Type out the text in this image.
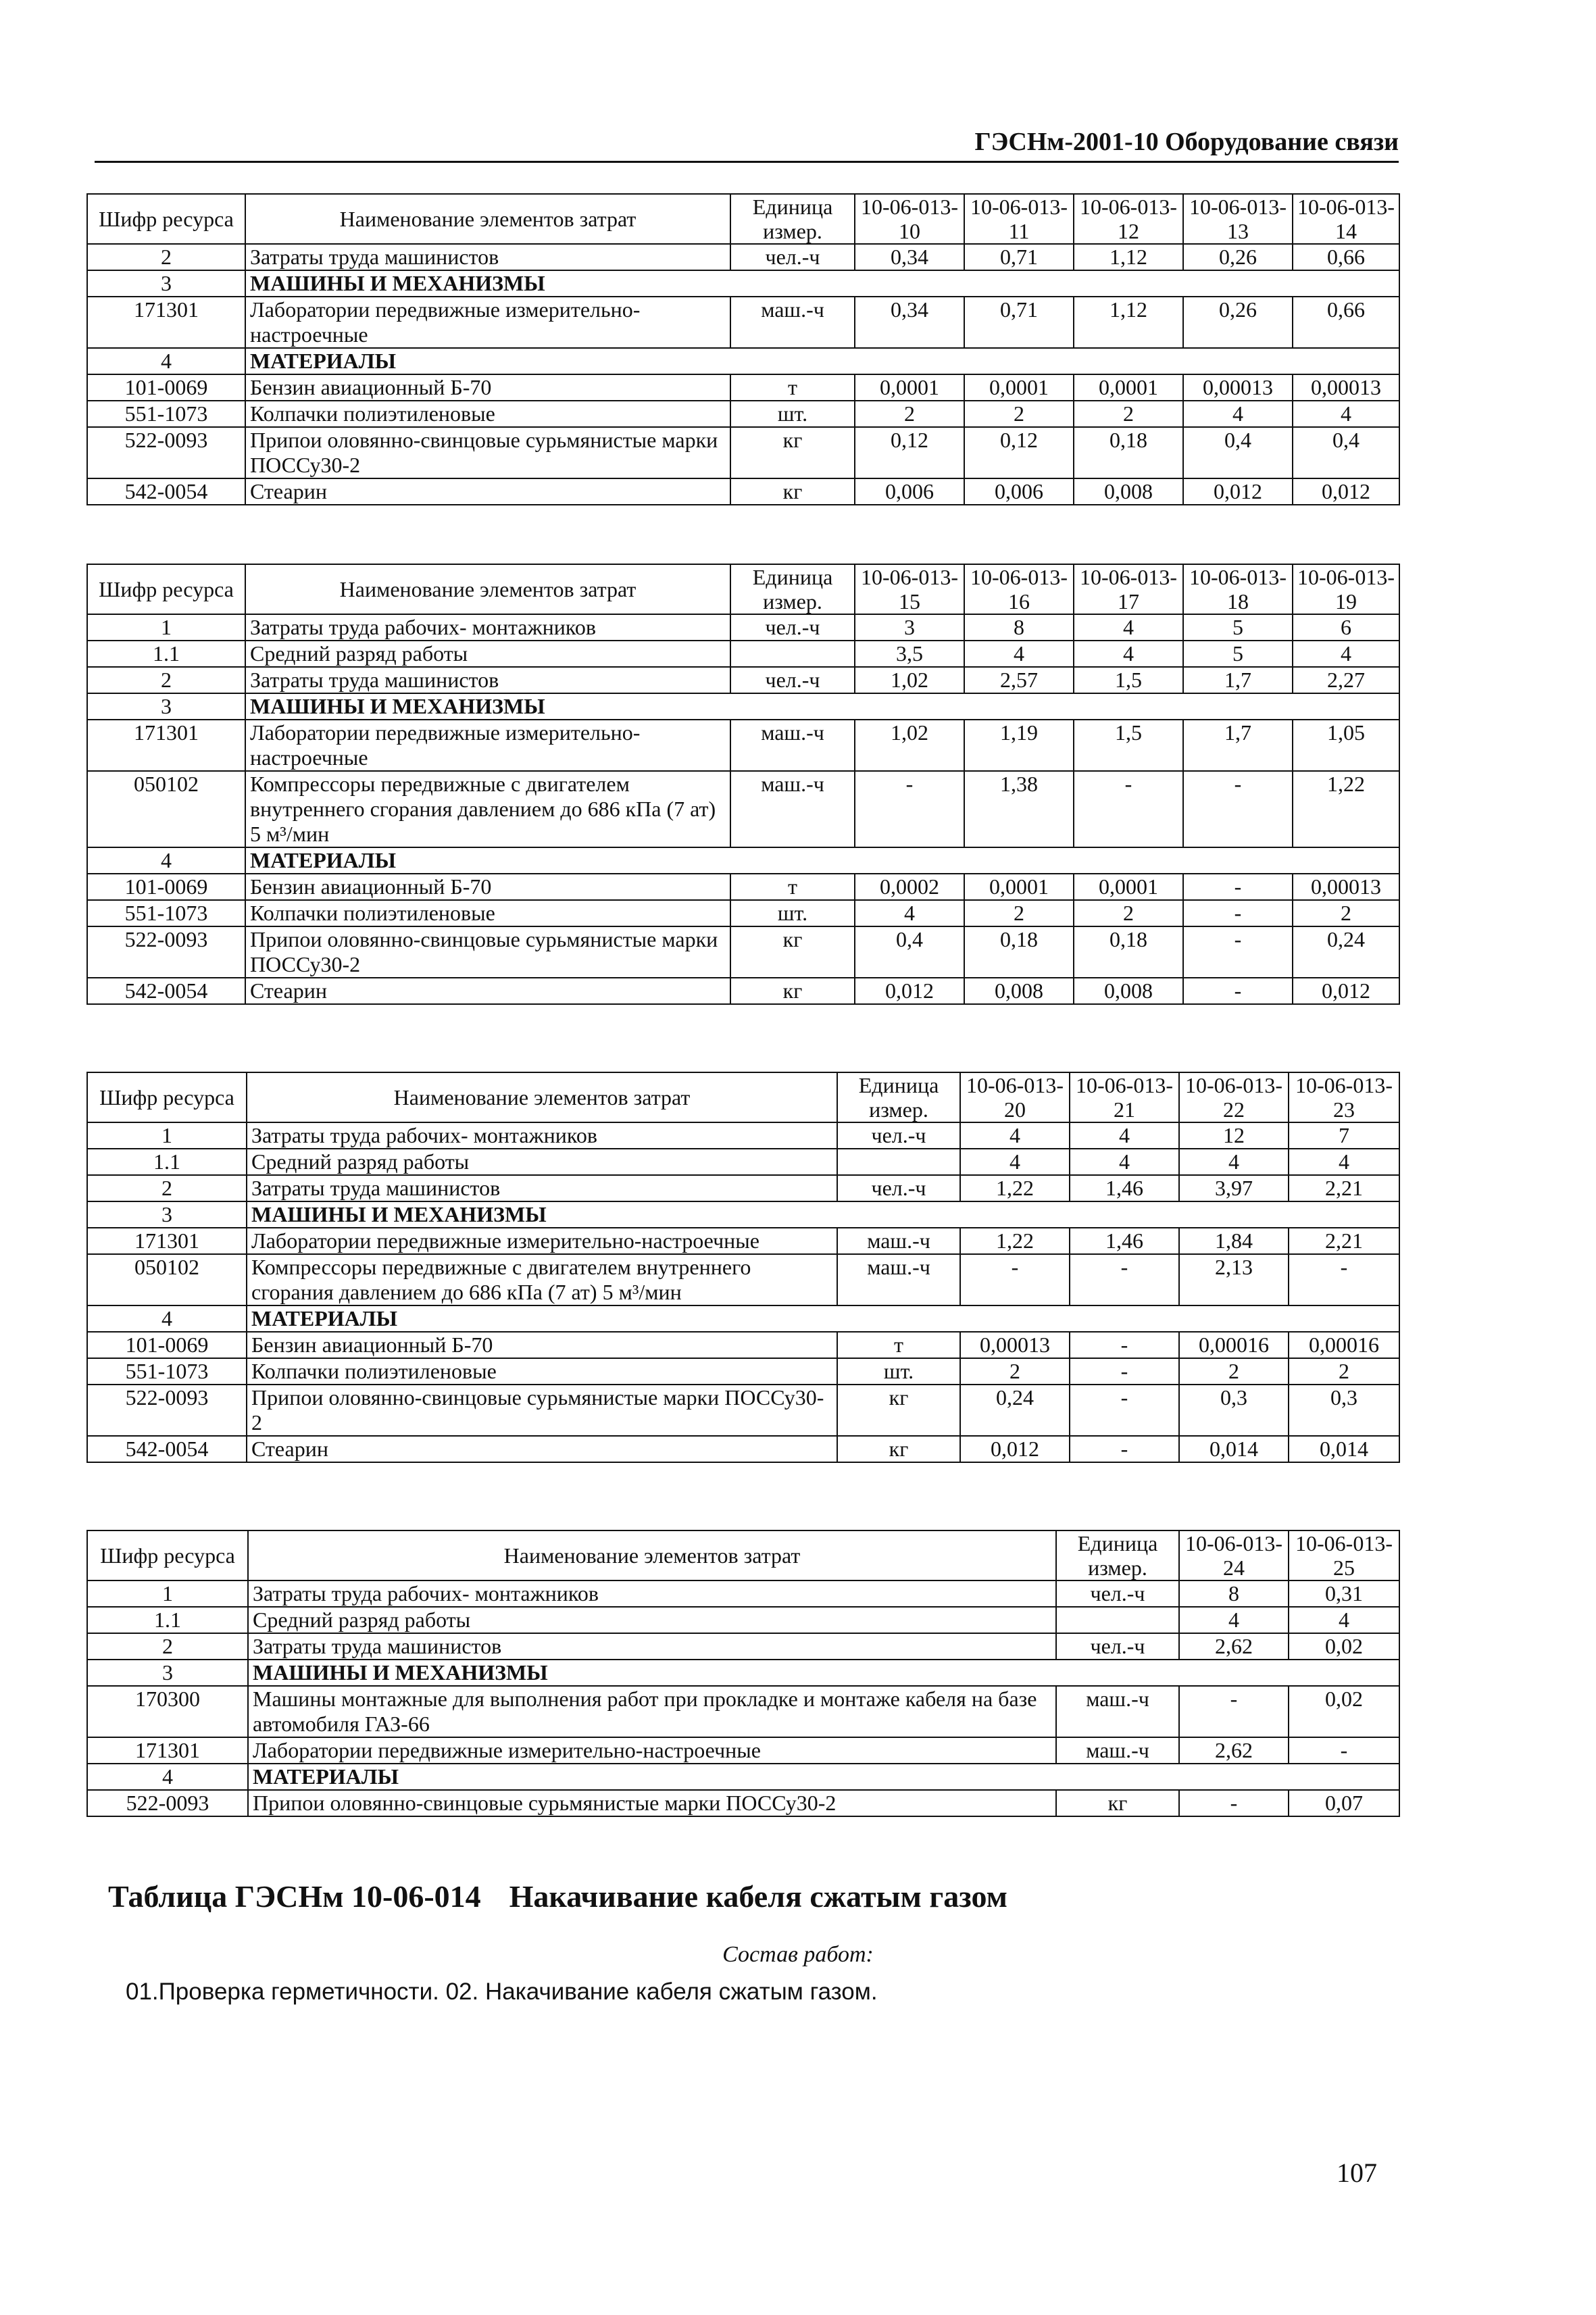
ГЭСНм-2001-10 Оборудование связи
Шифр ресурса	Наименование элементов затрат	Единица измер.	10-06-013-10	10-06-013-11	10-06-013-12	10-06-013-13	10-06-013-14
2	Затраты труда машинистов	чел.-ч	0,34	0,71	1,12	0,26	0,66
3	МАШИНЫ И МЕХАНИЗМЫ						
171301	Лаборатории передвижные измерительно-настроечные	маш.-ч	0,34	0,71	1,12	0,26	0,66
4	МАТЕРИАЛЫ						
101-0069	Бензин авиационный Б-70	т	0,0001	0,0001	0,0001	0,00013	0,00013
551-1073	Колпачки полиэтиленовые	шт.	2	2	2	4	4
522-0093	Припои оловянно-свинцовые сурьмянистые марки ПОССу30-2	кг	0,12	0,12	0,18	0,4	0,4
542-0054	Стеарин	кг	0,006	0,006	0,008	0,012	0,012
Шифр ресурса	Наименование элементов затрат	Единица измер.	10-06-013-15	10-06-013-16	10-06-013-17	10-06-013-18	10-06-013-19
1	Затраты труда рабочих- монтажников	чел.-ч	3	8	4	5	6
1.1	Средний разряд работы		3,5	4	4	5	4
2	Затраты труда машинистов	чел.-ч	1,02	2,57	1,5	1,7	2,27
3	МАШИНЫ И МЕХАНИЗМЫ						
171301	Лаборатории передвижные измерительно-настроечные	маш.-ч	1,02	1,19	1,5	1,7	1,05
050102	Компрессоры передвижные с двигателем внутреннего сгорания давлением до 686 кПа (7 ат) 5 м³/мин	маш.-ч	-	1,38	-	-	1,22
4	МАТЕРИАЛЫ						
101-0069	Бензин авиационный Б-70	т	0,0002	0,0001	0,0001	-	0,00013
551-1073	Колпачки полиэтиленовые	шт.	4	2	2	-	2
522-0093	Припои оловянно-свинцовые сурьмянистые марки ПОССу30-2	кг	0,4	0,18	0,18	-	0,24
542-0054	Стеарин	кг	0,012	0,008	0,008	-	0,012
Шифр ресурса	Наименование элементов затрат	Единица измер.	10-06-013-20	10-06-013-21	10-06-013-22	10-06-013-23
1	Затраты труда рабочих- монтажников	чел.-ч	4	4	12	7
1.1	Средний разряд работы		4	4	4	4
2	Затраты труда машинистов	чел.-ч	1,22	1,46	3,97	2,21
3	МАШИНЫ И МЕХАНИЗМЫ					
171301	Лаборатории передвижные измерительно-настроечные	маш.-ч	1,22	1,46	1,84	2,21
050102	Компрессоры передвижные с двигателем внутреннего сгорания давлением до 686 кПа (7 ат) 5 м³/мин	маш.-ч	-	-	2,13	-
4	МАТЕРИАЛЫ					
101-0069	Бензин авиационный Б-70	т	0,00013	-	0,00016	0,00016
551-1073	Колпачки полиэтиленовые	шт.	2	-	2	2
522-0093	Припои оловянно-свинцовые сурьмянистые марки ПОССу30-2	кг	0,24	-	0,3	0,3
542-0054	Стеарин	кг	0,012	-	0,014	0,014
Шифр ресурса	Наименование элементов затрат	Единица измер.	10-06-013-24	10-06-013-25
1	Затраты труда рабочих- монтажников	чел.-ч	8	0,31
1.1	Средний разряд работы		4	4
2	Затраты труда машинистов	чел.-ч	2,62	0,02
3	МАШИНЫ И МЕХАНИЗМЫ			
170300	Машины монтажные для выполнения работ при прокладке и монтаже кабеля на базе автомобиля ГАЗ-66	маш.-ч	-	0,02
171301	Лаборатории передвижные измерительно-настроечные	маш.-ч	2,62	-
4	МАТЕРИАЛЫ			
522-0093	Припои оловянно-свинцовые сурьмянистые марки ПОССу30-2	кг	-	0,07
Таблица ГЭСНм 10-06-014 Накачивание кабеля сжатым газом
Состав работ:
01.Проверка герметичности. 02. Накачивание кабеля сжатым газом.
107
